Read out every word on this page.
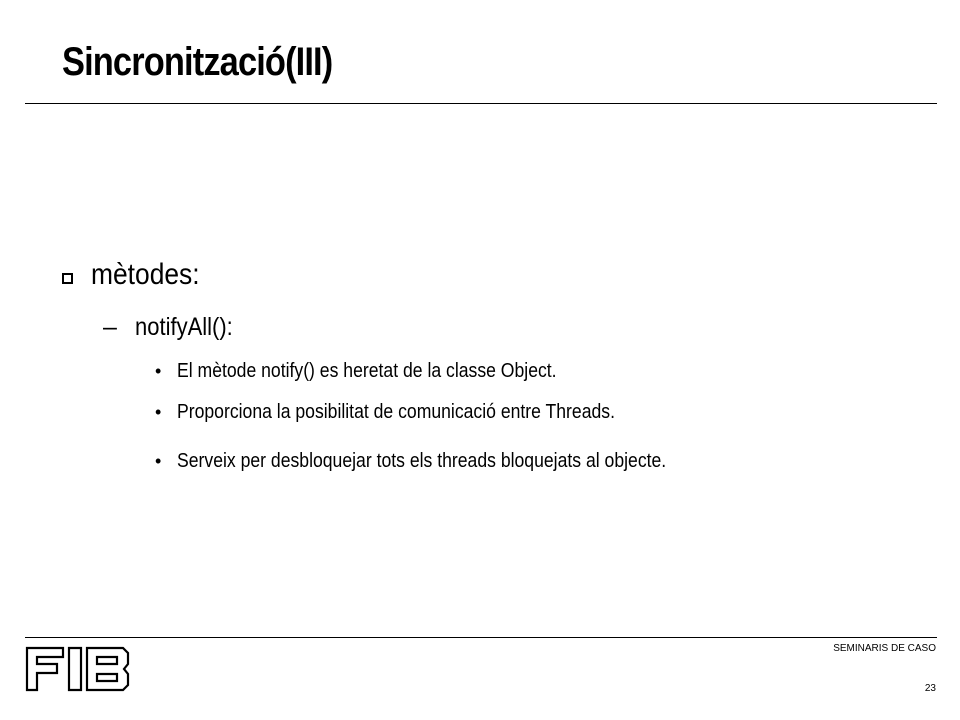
Sincronització(III)
mètodes:
– notifyAll():
• El mètode notify() es heretat de la classe Object.
• Proporciona la posibilitat de comunicació entre Threads.
• Serveix per desbloquejar tots els threads bloquejats al objecte.
SEMINARIS DE CASO
23
